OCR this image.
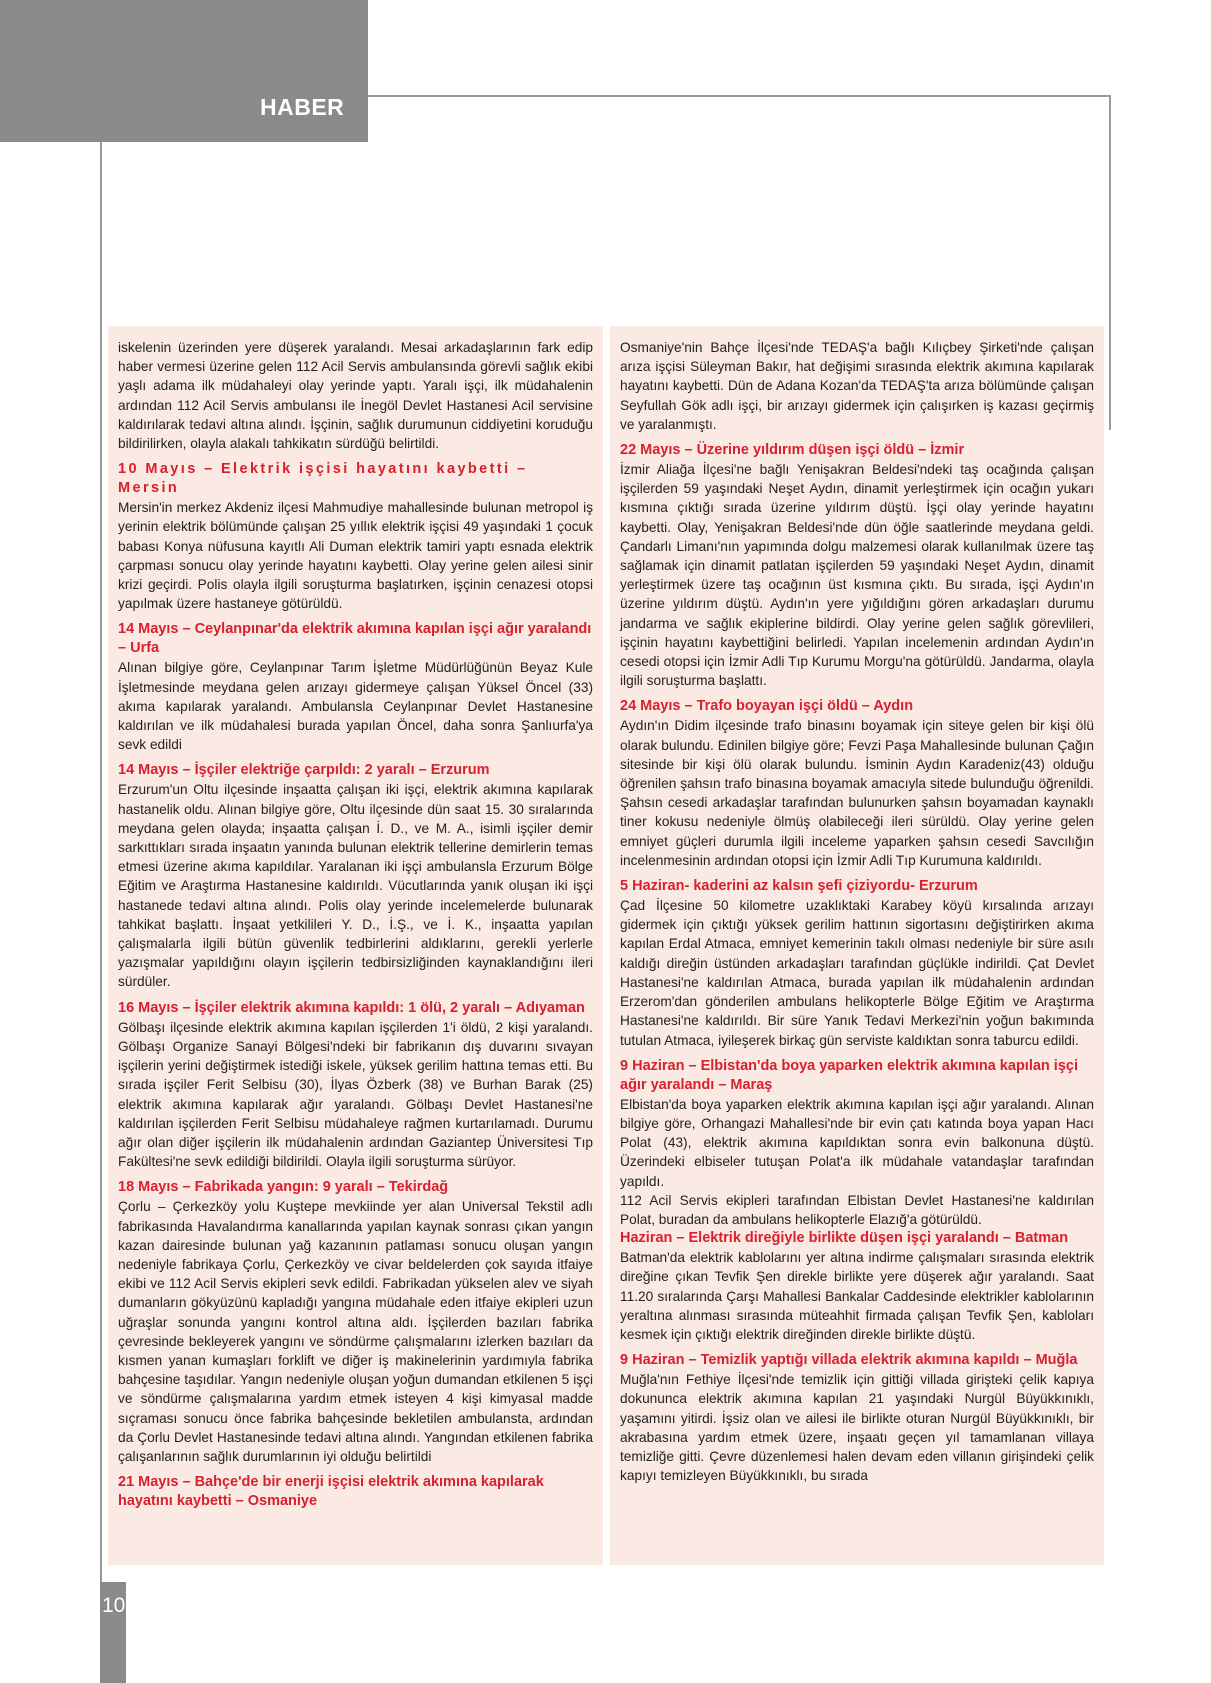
HABER

iskelenin üzerinden yere düşerek yaralandı. Mesai arkadaşlarının fark edip haber vermesi üzerine gelen 112 Acil Servis ambulansında görevli sağlık ekibi yaşlı adama ilk müdahaleyi olay yerinde yaptı. Yaralı işçi, ilk müdahalenin ardından 112 Acil Servis ambulansı ile İnegöl Devlet Hastanesi Acil servisine kaldırılarak tedavi altına alındı. İşçinin, sağlık durumunun ciddiyetini koruduğu bildirilirken, olayla alakalı tahkikatın sürdüğü belirtildi.

10 Mayıs – Elektrik işçisi hayatını kaybetti – Mersin

Mersin'in merkez Akdeniz ilçesi Mahmudiye mahallesinde bulunan metropol iş yerinin elektrik bölümünde çalışan 25 yıllık elektrik işçisi 49 yaşındaki 1 çocuk babası Konya nüfusuna kayıtlı Ali Duman elektrik tamiri yaptı esnada elektrik çarpması sonucu olay yerinde hayatını kaybetti. Olay yerine gelen ailesi sinir krizi geçirdi. Polis olayla ilgili soruşturma başlatırken, işçinin cenazesi otopsi yapılmak üzere hastaneye götürüldü.

14 Mayıs – Ceylanpınar'da elektrik akımına kapılan işçi ağır yaralandı – Urfa

Alınan bilgiye göre, Ceylanpınar Tarım İşletme Müdürlüğünün Beyaz Kule İşletmesinde meydana gelen arızayı gidermeye çalışan Yüksel Öncel (33) akıma kapılarak yaralandı. Ambulansla Ceylanpınar Devlet Hastanesine kaldırılan ve ilk müdahalesi burada yapılan Öncel, daha sonra Şanlıurfa'ya sevk edildi

14 Mayıs – İşçiler elektriğe çarpıldı: 2 yaralı – Erzurum

Erzurum'un Oltu ilçesinde inşaatta çalışan iki işçi, elektrik akımına kapılarak hastanelik oldu. Alınan bilgiye göre, Oltu ilçesinde dün saat 15. 30 sıralarında meydana gelen olayda; inşaatta çalışan İ. D., ve M. A., isimli işçiler demir sarkıttıkları sırada inşaatın yanında bulunan elektrik tellerine demirlerin temas etmesi üzerine akıma kapıldılar. Yaralanan iki işçi ambulansla Erzurum Bölge Eğitim ve Araştırma Hastanesine kaldırıldı. Vücutlarında yanık oluşan iki işçi hastanede tedavi altına alındı. Polis olay yerinde incelemelerde bulunarak tahkikat başlattı. İnşaat yetkilileri Y. D., İ.Ş., ve İ. K., inşaatta yapılan çalışmalarla ilgili bütün güvenlik tedbirlerini aldıklarını, gerekli yerlerle yazışmalar yapıldığını olayın işçilerin tedbirsizliğinden kaynaklandığını ileri sürdüler.

16 Mayıs – İşçiler elektrik akımına kapıldı: 1 ölü, 2 yaralı – Adıyaman

Gölbaşı ilçesinde elektrik akımına kapılan işçilerden 1'i öldü, 2 kişi yaralandı. Gölbaşı Organize Sanayi Bölgesi'ndeki bir fabrikanın dış duvarını sıvayan işçilerin yerini değiştirmek istediği iskele, yüksek gerilim hattına temas etti. Bu sırada işçiler Ferit Selbisu (30), İlyas Özberk (38) ve Burhan Barak (25) elektrik akımına kapılarak ağır yaralandı. Gölbaşı Devlet Hastanesi'ne kaldırılan işçilerden Ferit Selbisu müdahaleye rağmen kurtarılamadı. Durumu ağır olan diğer işçilerin ilk müdahalenin ardından Gaziantep Üniversitesi Tıp Fakültesi'ne sevk edildiği bildirildi. Olayla ilgili soruşturma sürüyor.

18 Mayıs – Fabrikada yangın: 9 yaralı – Tekirdağ

Çorlu – Çerkezköy yolu Kuştepe mevkiinde yer alan Universal Tekstil adlı fabrikasında Havalandırma kanallarında yapılan kaynak sonrası çıkan yangın kazan dairesinde bulunan yağ kazanının patlaması sonucu oluşan yangın nedeniyle fabrikaya Çorlu, Çerkezköy ve civar beldelerden çok sayıda itfaiye ekibi ve 112 Acil Servis ekipleri sevk edildi. Fabrikadan yükselen alev ve siyah dumanların gökyüzünü kapladığı yangına müdahale eden itfaiye ekipleri uzun uğraşlar sonunda yangını kontrol altına aldı. İşçilerden bazıları fabrika çevresinde bekleyerek yangını ve söndürme çalışmalarını izlerken bazıları da kısmen yanan kumaşları forklift ve diğer iş makinelerinin yardımıyla fabrika bahçesine taşıdılar. Yangın nedeniyle oluşan yoğun dumandan etkilenen 5 işçi ve söndürme çalışmalarına yardım etmek isteyen 4 kişi kimyasal madde sıçraması sonucu önce fabrika bahçesinde bekletilen ambulansta, ardından da Çorlu Devlet Hastanesinde tedavi altına alındı. Yangından etkilenen fabrika çalışanlarının sağlık durumlarının iyi olduğu belirtildi

21 Mayıs – Bahçe'de bir enerji işçisi elektrik akımına kapılarak hayatını kaybetti – Osmaniye

Osmaniye'nin Bahçe İlçesi'nde TEDAŞ'a bağlı Kılıçbey Şirketi'nde çalışan arıza işçisi Süleyman Bakır, hat değişimi sırasında elektrik akımına kapılarak hayatını kaybetti. Dün de Adana Kozan'da TEDAŞ'ta arıza bölümünde çalışan Seyfullah Gök adlı işçi, bir arızayı gidermek için çalışırken iş kazası geçirmiş ve yaralanmıştı.

22 Mayıs – Üzerine yıldırım düşen işçi öldü – İzmir

İzmir Aliağa İlçesi'ne bağlı Yenişakran Beldesi'ndeki taş ocağında çalışan işçilerden 59 yaşındaki Neşet Aydın, dinamit yerleştirmek için ocağın yukarı kısmına çıktığı sırada üzerine yıldırım düştü. İşçi olay yerinde hayatını kaybetti. Olay, Yenişakran Beldesi'nde dün öğle saatlerinde meydana geldi. Çandarlı Limanı'nın yapımında dolgu malzemesi olarak kullanılmak üzere taş sağlamak için dinamit patlatan işçilerden 59 yaşındaki Neşet Aydın, dinamit yerleştirmek üzere taş ocağının üst kısmına çıktı. Bu sırada, işçi Aydın'ın üzerine yıldırım düştü. Aydın'ın yere yığıldığını gören arkadaşları durumu jandarma ve sağlık ekiplerine bildirdi. Olay yerine gelen sağlık görevlileri, işçinin hayatını kaybettiğini belirledi. Yapılan incelemenin ardından Aydın'ın cesedi otopsi için İzmir Adli Tıp Kurumu Morgu'na götürüldü. Jandarma, olayla ilgili soruşturma başlattı.

24 Mayıs – Trafo boyayan işçi öldü – Aydın

Aydın'ın Didim ilçesinde trafo binasını boyamak için siteye gelen bir kişi ölü olarak bulundu. Edinilen bilgiye göre; Fevzi Paşa Mahallesinde bulunan Çağın sitesinde bir kişi ölü olarak bulundu. İsminin Aydın Karadeniz(43) olduğu öğrenilen şahsın trafo binasına boyamak amacıyla sitede bulunduğu öğrenildi. Şahsın cesedi arkadaşlar tarafından bulunurken şahsın boyamadan kaynaklı tiner kokusu nedeniyle ölmüş olabileceği ileri sürüldü. Olay yerine gelen emniyet güçleri durumla ilgili inceleme yaparken şahsın cesedi Savcılığın incelenmesinin ardından otopsi için İzmir Adli Tıp Kurumuna kaldırıldı.

5 Haziran- kaderini az kalsın şefi çiziyordu- Erzurum

Çad İlçesine 50 kilometre uzaklıktaki Karabey köyü kırsalında arızayı gidermek için çıktığı yüksek gerilim hattının sigortasını değiştirirken akıma kapılan Erdal Atmaca, emniyet kemerinin takılı olması nedeniyle bir süre asılı kaldığı direğin üstünden arkadaşları tarafından güçlükle indirildi. Çat Devlet Hastanesi'ne kaldırılan Atmaca, burada yapılan ilk müdahalenin ardından Erzerom'dan gönderilen ambulans helikopterle Bölge Eğitim ve Araştırma Hastanesi'ne kaldırıldı. Bir süre Yanık Tedavi Merkezi'nin yoğun bakımında tutulan Atmaca, iyileşerek birkaç gün serviste kaldıktan sonra taburcu edildi.

9 Haziran – Elbistan'da boya yaparken elektrik akımına kapılan işçi ağır yaralandı – Maraş

Elbistan'da boya yaparken elektrik akımına kapılan işçi ağır yaralandı. Alınan bilgiye göre, Orhangazi Mahallesi'nde bir evin çatı katında boya yapan Hacı Polat (43), elektrik akımına kapıldıktan sonra evin balkonuna düştü. Üzerindeki elbiseler tutuşan Polat'a ilk müdahale vatandaşlar tarafından yapıldı.
112 Acil Servis ekipleri tarafından Elbistan Devlet Hastanesi'ne kaldırılan Polat, buradan da ambulans helikopterle Elazığ'a götürüldü.

Haziran – Elektrik direğiyle birlikte düşen işçi yaralandı – Batman

Batman'da elektrik kablolarını yer altına indirme çalışmaları sırasında elektrik direğine çıkan Tevfik Şen direkle birlikte yere düşerek ağır yaralandı. Saat 11.20 sıralarında Çarşı Mahallesi Bankalar Caddesinde elektrikler kablolarının yeraltına alınması sırasında müteahhit firmada çalışan Tevfik Şen, kabloları kesmek için çıktığı elektrik direğinden direkle birlikte düştü.

9 Haziran – Temizlik yaptığı villada elektrik akımına kapıldı – Muğla

Muğla'nın Fethiye İlçesi'nde temizlik için gittiği villada girişteki çelik kapıya dokununca elektrik akımına kapılan 21 yaşındaki Nurgül Büyükkınıklı, yaşamını yitirdi. İşsiz olan ve ailesi ile birlikte oturan Nurgül Büyükkınıklı, bir akrabasına yardım etmek üzere, inşaatı geçen yıl tamamlanan villaya temizliğe gitti. Çevre düzenlemesi halen devam eden villanın girişindeki çelik kapıyı temizleyen Büyükkınıklı, bu sırada

10
